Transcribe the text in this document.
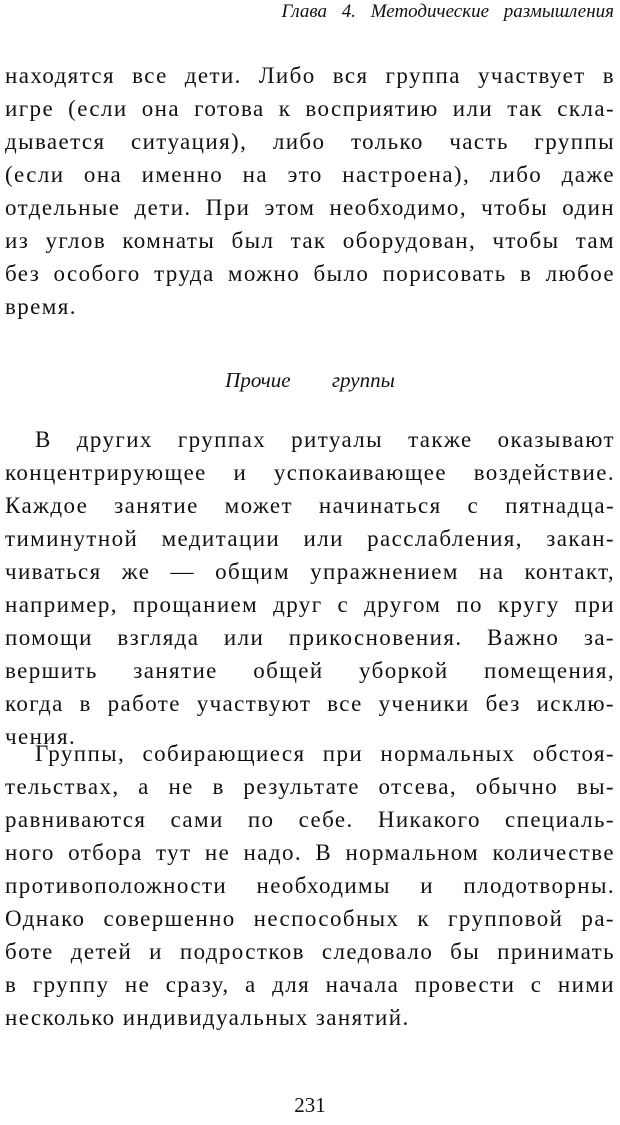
Глава 4. Методические размышления
находятся все дети. Либо вся группа участвует в
игре (если она готова к восприятию или так скла-
дывается ситуация), либо только часть группы
(если она именно на это настроена), либо даже
отдельные дети. При этом необходимо, чтобы один
из углов комнаты был так оборудован, чтобы там
без особого труда можно было порисовать в любое
время.
Прочие группы
В других группах ритуалы также оказывают
концентрирующее и успокаивающее воздействие.
Каждое занятие может начинаться с пятнадца-
тиминутной медитации или расслабления, закан-
чиваться же — общим упражнением на контакт,
например, прощанием друг с другом по кругу при
помощи взгляда или прикосновения. Важно за-
вершить занятие общей уборкой помещения,
когда в работе участвуют все ученики без исклю-
чения.
Группы, собирающиеся при нормальных обстоя-
тельствах, а не в результате отсева, обычно вы-
равниваются сами по себе. Никакого специаль-
ного отбора тут не надо. В нормальном количестве
противоположности необходимы и плодотворны.
Однако совершенно неспособных к групповой ра-
боте детей и подростков следовало бы принимать
в группу не сразу, а для начала провести с ними
несколько индивидуальных занятий.
231
